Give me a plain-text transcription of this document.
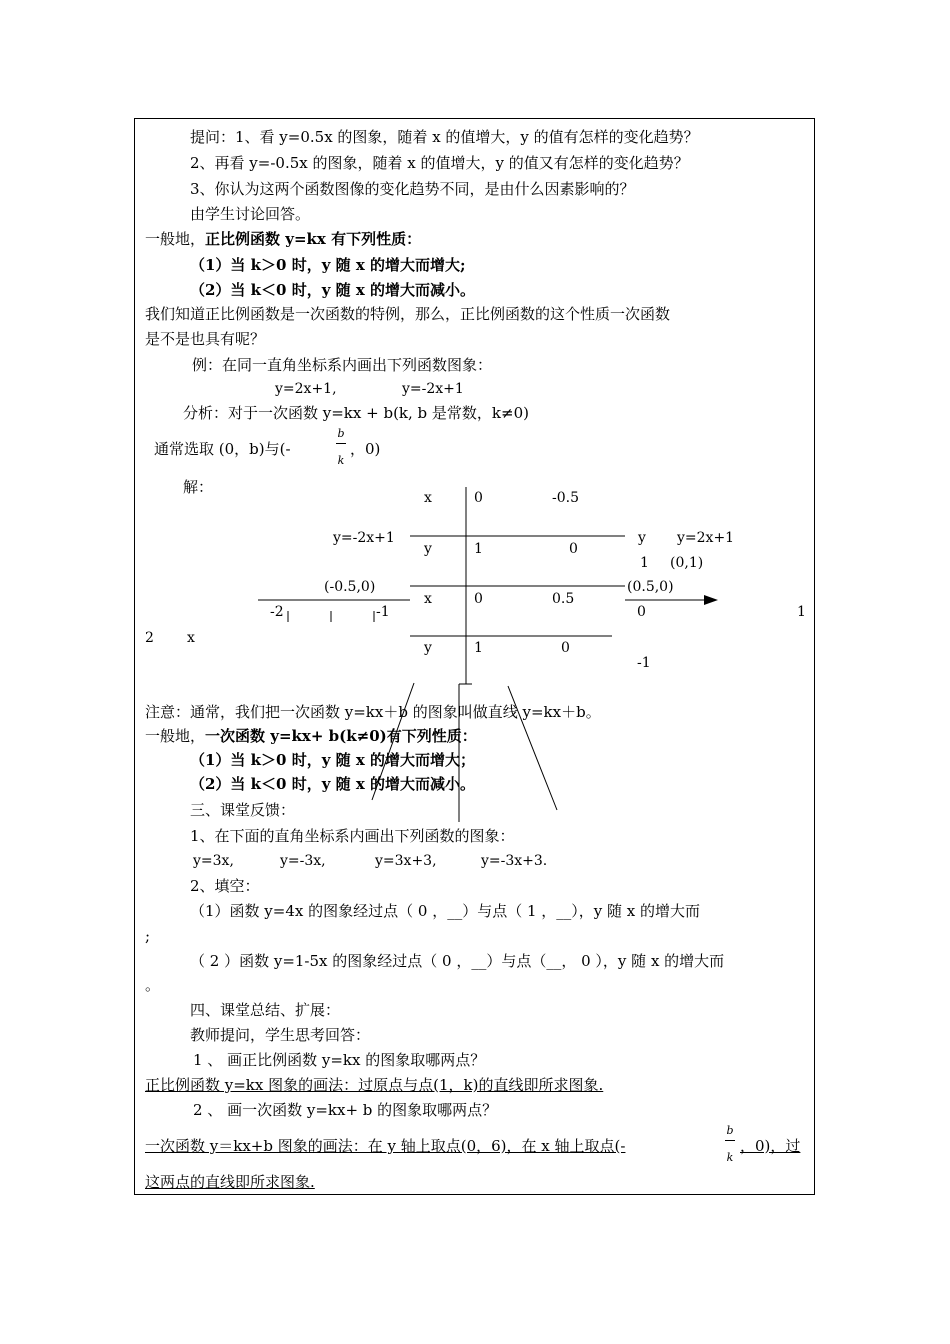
提问：1、看 y=0.5x 的图象，随着 x 的值增大，y 的值有怎样的变化趋势？
2、再看 y=-0.5x 的图象，随着 x 的值增大，y 的值又有怎样的变化趋势？
3、你认为这两个函数图像的变化趋势不同，是由什么因素影响的？
由学生讨论回答。
一般地，正比例函数 y=kx 有下列性质：
（1）当 k＞0 时，y 随 x 的增大而增大;
（2）当 k＜0 时，y 随 x 的增大而减小。
我们知道正比例函数是一次函数的特例，那么，正比例函数的这个性质一次函数
是不是也具有呢？
例：在同一直角坐标系内画出下列函数图象：
y=2x+1,	y=-2x+1
分析：对于一次函数 y=kx + b(k, b 是常数，k≠0)
通常选取 (0，b)与(-
b
k
，0)
解：
x	0	-0.5
y	1	0
x	0	0.5
y	1	0
y=-2x+1	y y=2x+1
1 (0,1)
(-0.5,0)	(0.5,0)
-2	-1	0	1
2 x
-1
注意：通常，我们把一次函数 y=kx＋b 的图象叫做直线 y=kx＋b。
一般地，一次函数 y=kx+ b(k≠0)有下列性质：
（1）当 k＞0 时，y 随 x 的增大而增大；
（2）当 k＜0 时，y 随 x 的增大而减小。
三、课堂反馈：
1、在下面的直角坐标系内画出下列函数的图象：
y=3x,	y=-3x,	y=3x+3,	y=-3x+3.
2、填空：
（1）函数 y=4x 的图象经过点（ 0 ，__）与点（ 1 ，__），y 随 x 的增大而
;
（ 2 ）函数 y=1-5x 的图象经过点（ 0 ，__）与点（__， 0 ），y 随 x 的增大而
。
四、课堂总结、扩展：
教师提问，学生思考回答：
1 、 画正比例函数 y=kx 的图象取哪两点？
正比例函数 y=kx 图象的画法：过原点与点(1，k)的直线即所求图象.
2 、 画一次函数 y=kx+ b 的图象取哪两点？
一次函数 y＝kx+b 图象的画法：在 y 轴上取点(0，6)，在 x 轴上取点(-
b
k
，0)，过
这两点的直线即所求图象.
